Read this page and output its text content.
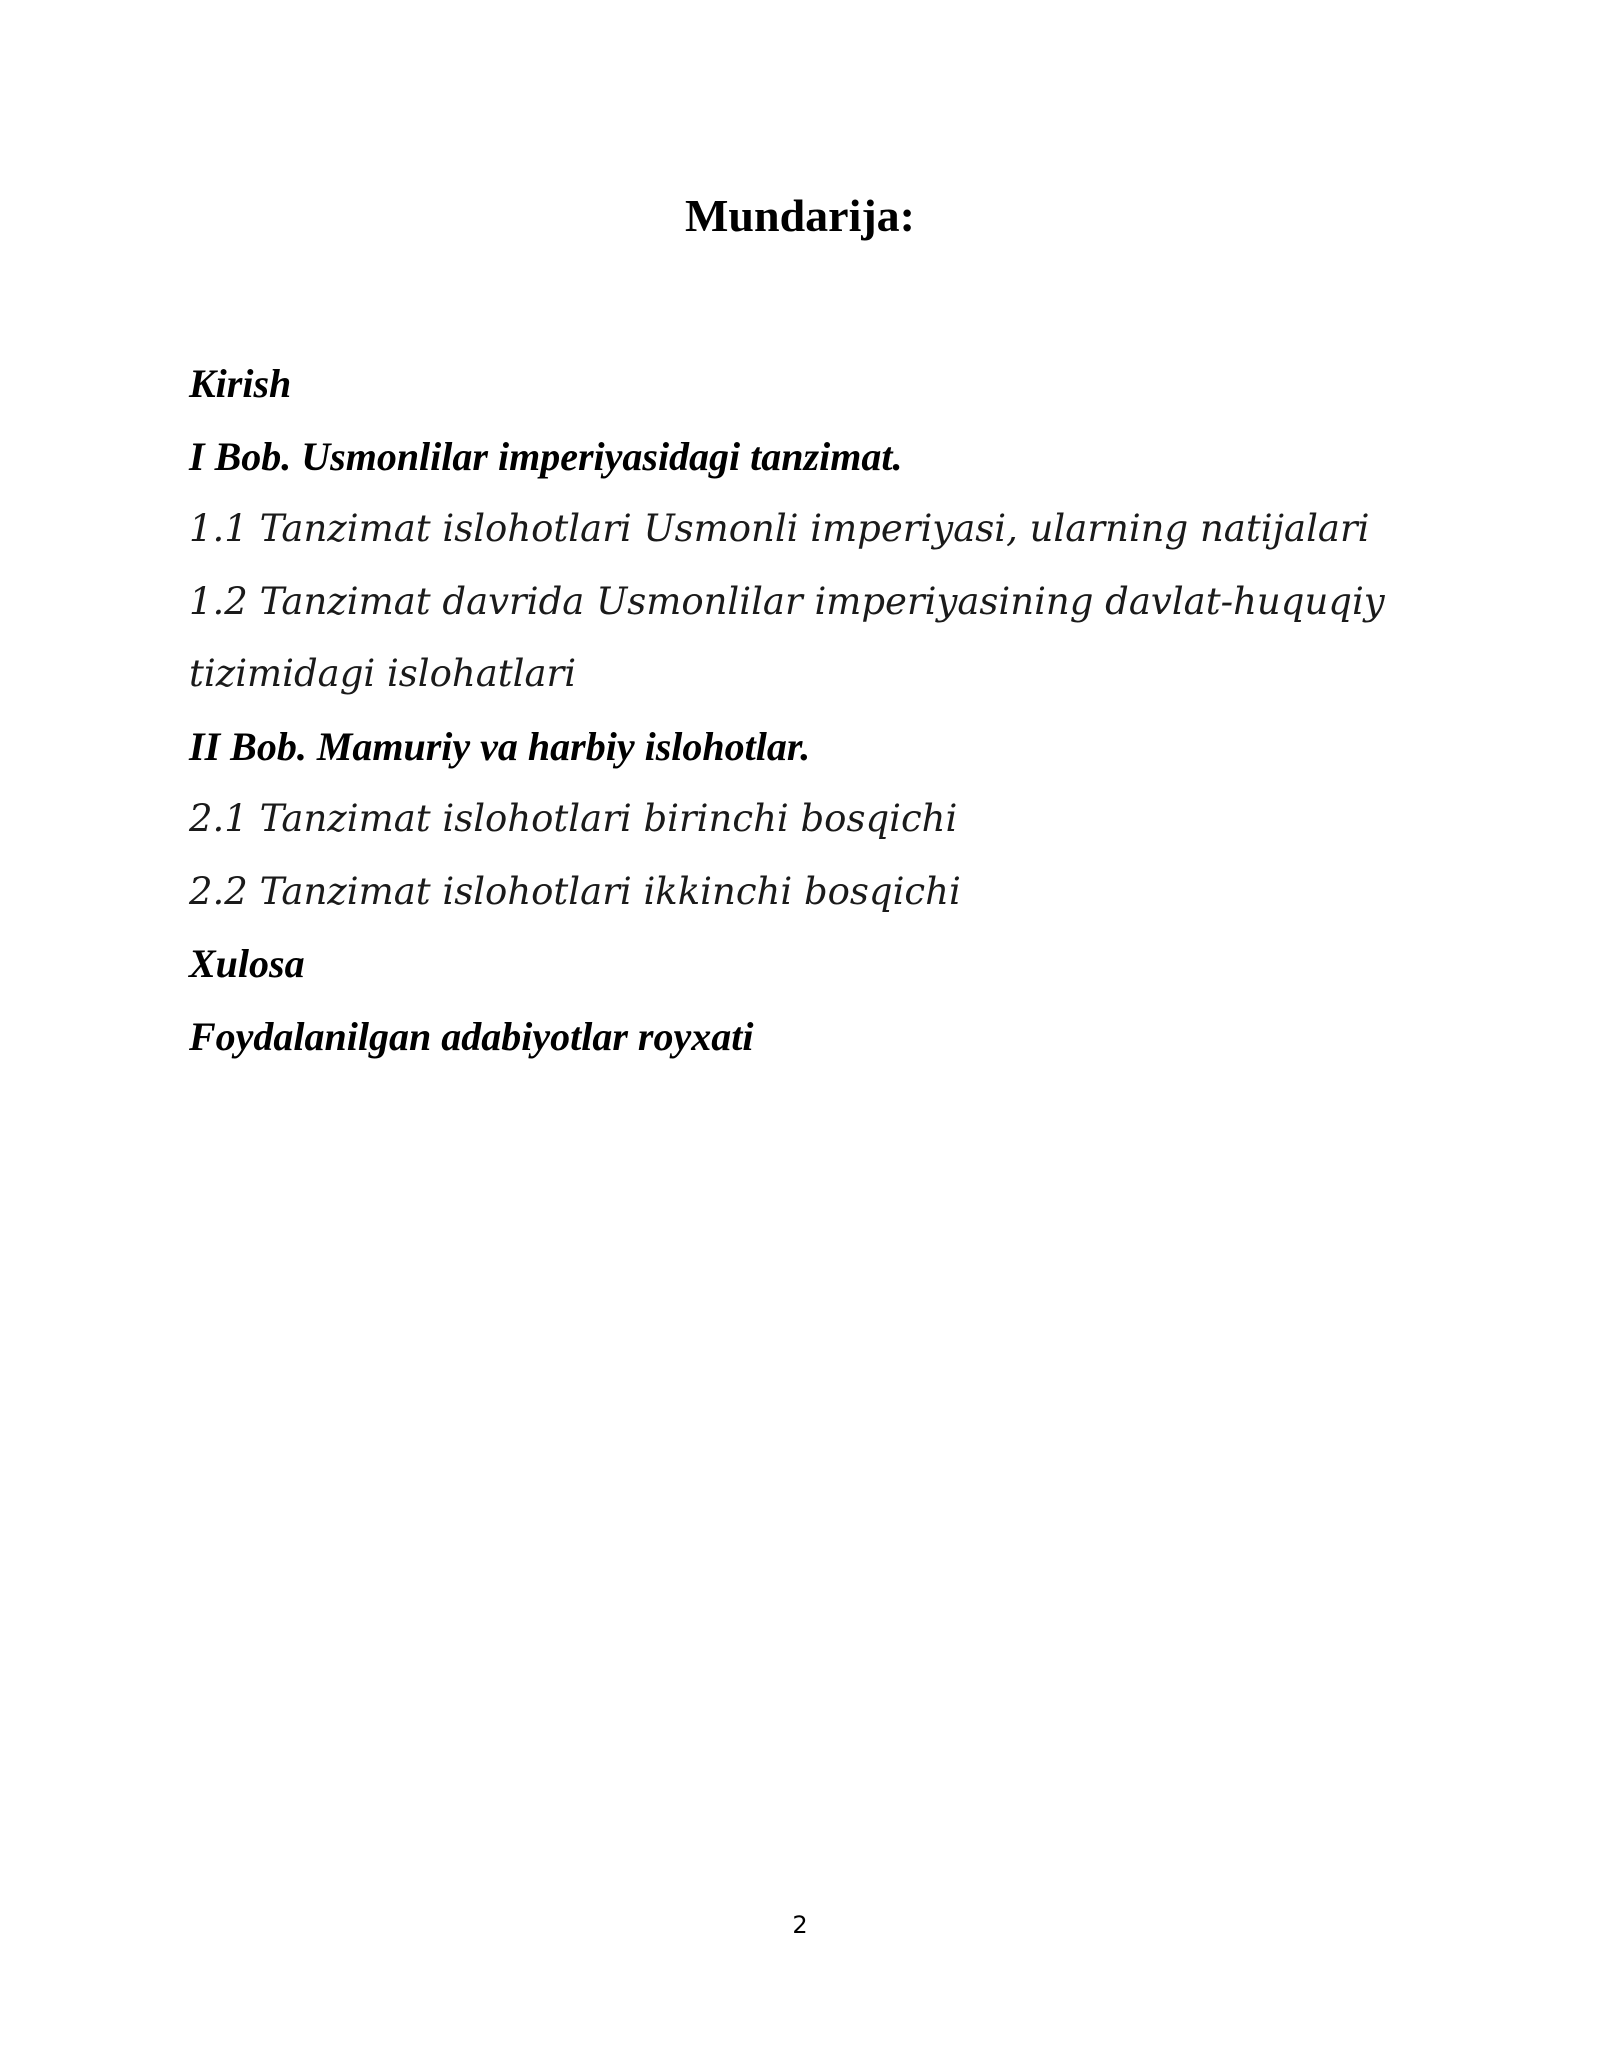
Mundarija:
Kirish
I Bob. Usmonlilar imperiyasidagi tanzimat.
1.1 Tanzimat islohotlari Usmonli imperiyasi, ularning natijalari
1.2 Tanzimat davrida Usmonlilar imperiyasining davlat-huquqiy
tizimidagi islohatlari
II Bob. Mamuriy va harbiy islohotlar.
2.1 Tanzimat islohotlari birinchi bosqichi
2.2 Tanzimat islohotlari ikkinchi bosqichi
Xulosa
Foydalanilgan adabiyotlar royxati
2
